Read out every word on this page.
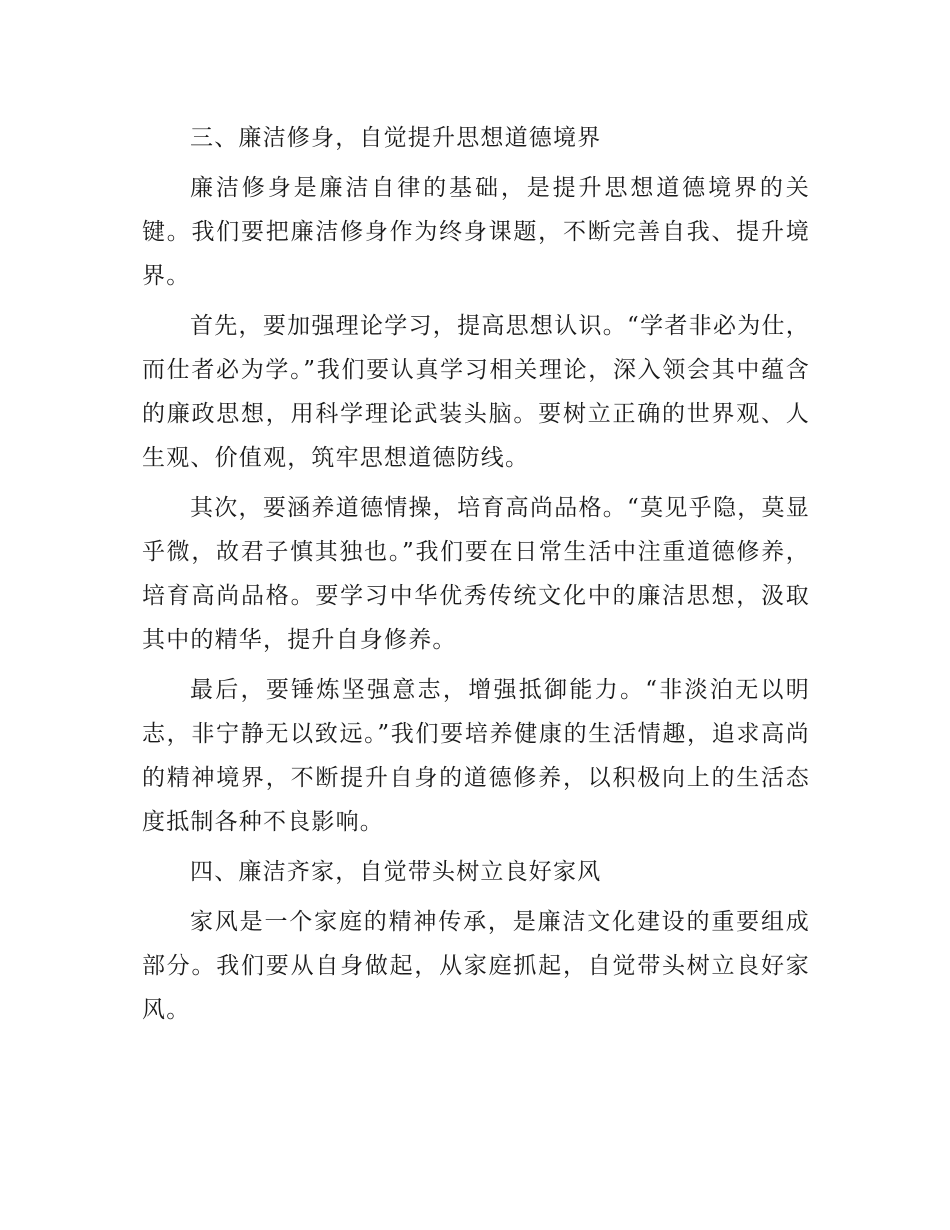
三、廉洁修身，自觉提升思想道德境界

廉洁修身是廉洁自律的基础，是提升思想道德境界的关键。我们要把廉洁修身作为终身课题，不断完善自我、提升境界。

首先，要加强理论学习，提高思想认识。“学者非必为仕，而仕者必为学。”我们要认真学习相关理论，深入领会其中蕴含的廉政思想，用科学理论武装头脑。要树立正确的世界观、人生观、价值观，筑牢思想道德防线。

其次，要涵养道德情操，培育高尚品格。“莫见乎隐，莫显乎微，故君子慎其独也。”我们要在日常生活中注重道德修养，培育高尚品格。要学习中华优秀传统文化中的廉洁思想，汲取其中的精华，提升自身修养。

最后，要锤炼坚强意志，增强抵御能力。“非淡泊无以明志，非宁静无以致远。”我们要培养健康的生活情趣，追求高尚的精神境界，不断提升自身的道德修养，以积极向上的生活态度抵制各种不良影响。

四、廉洁齐家，自觉带头树立良好家风

家风是一个家庭的精神传承，是廉洁文化建设的重要组成部分。我们要从自身做起，从家庭抓起，自觉带头树立良好家风。
